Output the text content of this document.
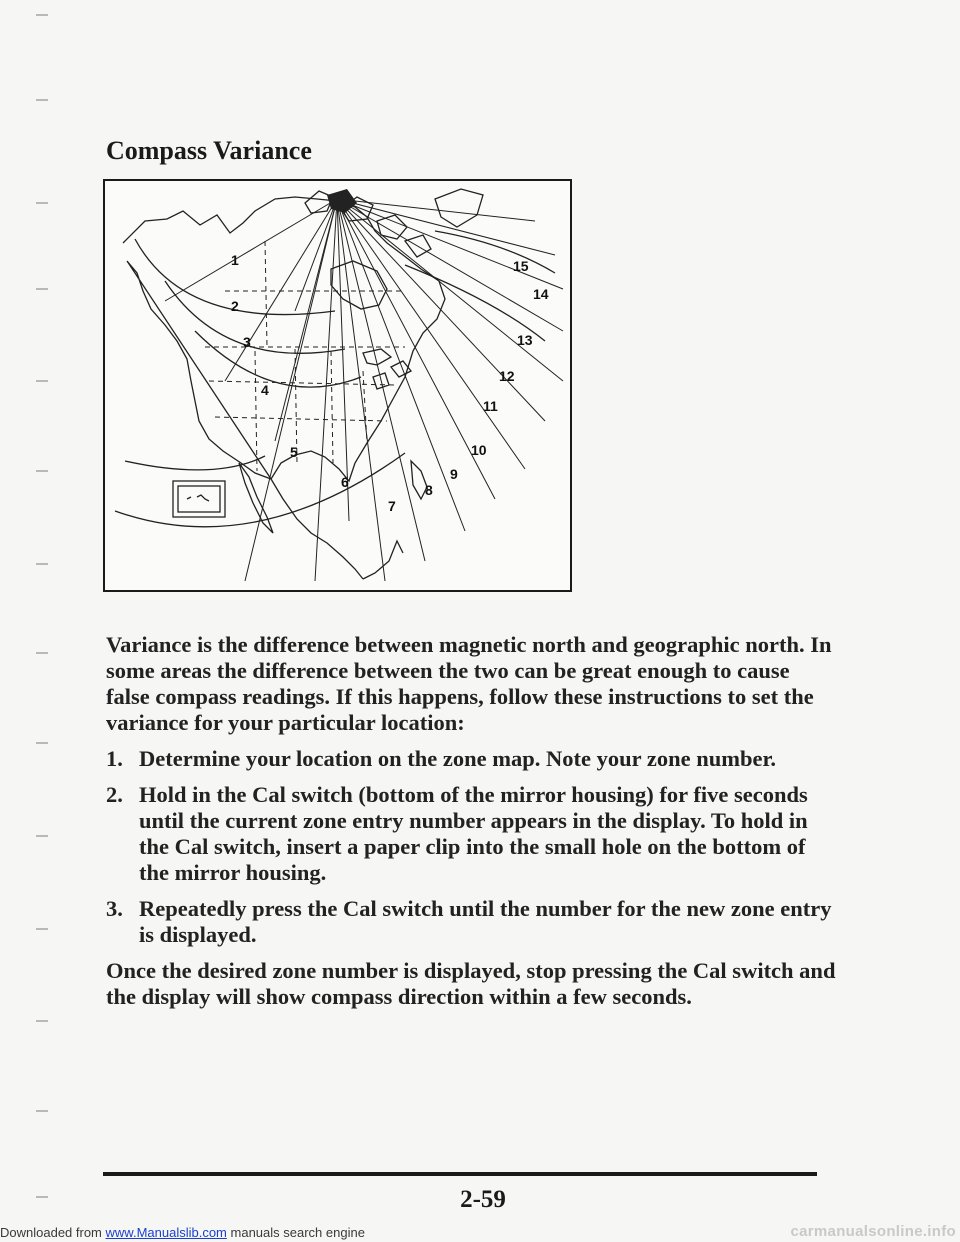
Compass Variance
1
2
3
4
5
6
7
8
9
10
11
12
13
14
15

Variance is the difference between magnetic north and geographic north. In some areas the difference between the two can be great enough to cause false compass readings. If this happens, follow these instructions to set the variance for your particular location:

1. Determine your location on the zone map. Note your zone number.
2. Hold in the Cal switch (bottom of the mirror housing) for five seconds until the current zone entry number appears in the display. To hold in the Cal switch, insert a paper clip into the small hole on the bottom of the mirror housing.
3. Repeatedly press the Cal switch until the number for the new zone entry is displayed.

Once the desired zone number is displayed, stop pressing the Cal switch and the display will show compass direction within a few seconds.

2-59
Downloaded from www.Manualslib.com manuals search engine	carmanualsonline.info
